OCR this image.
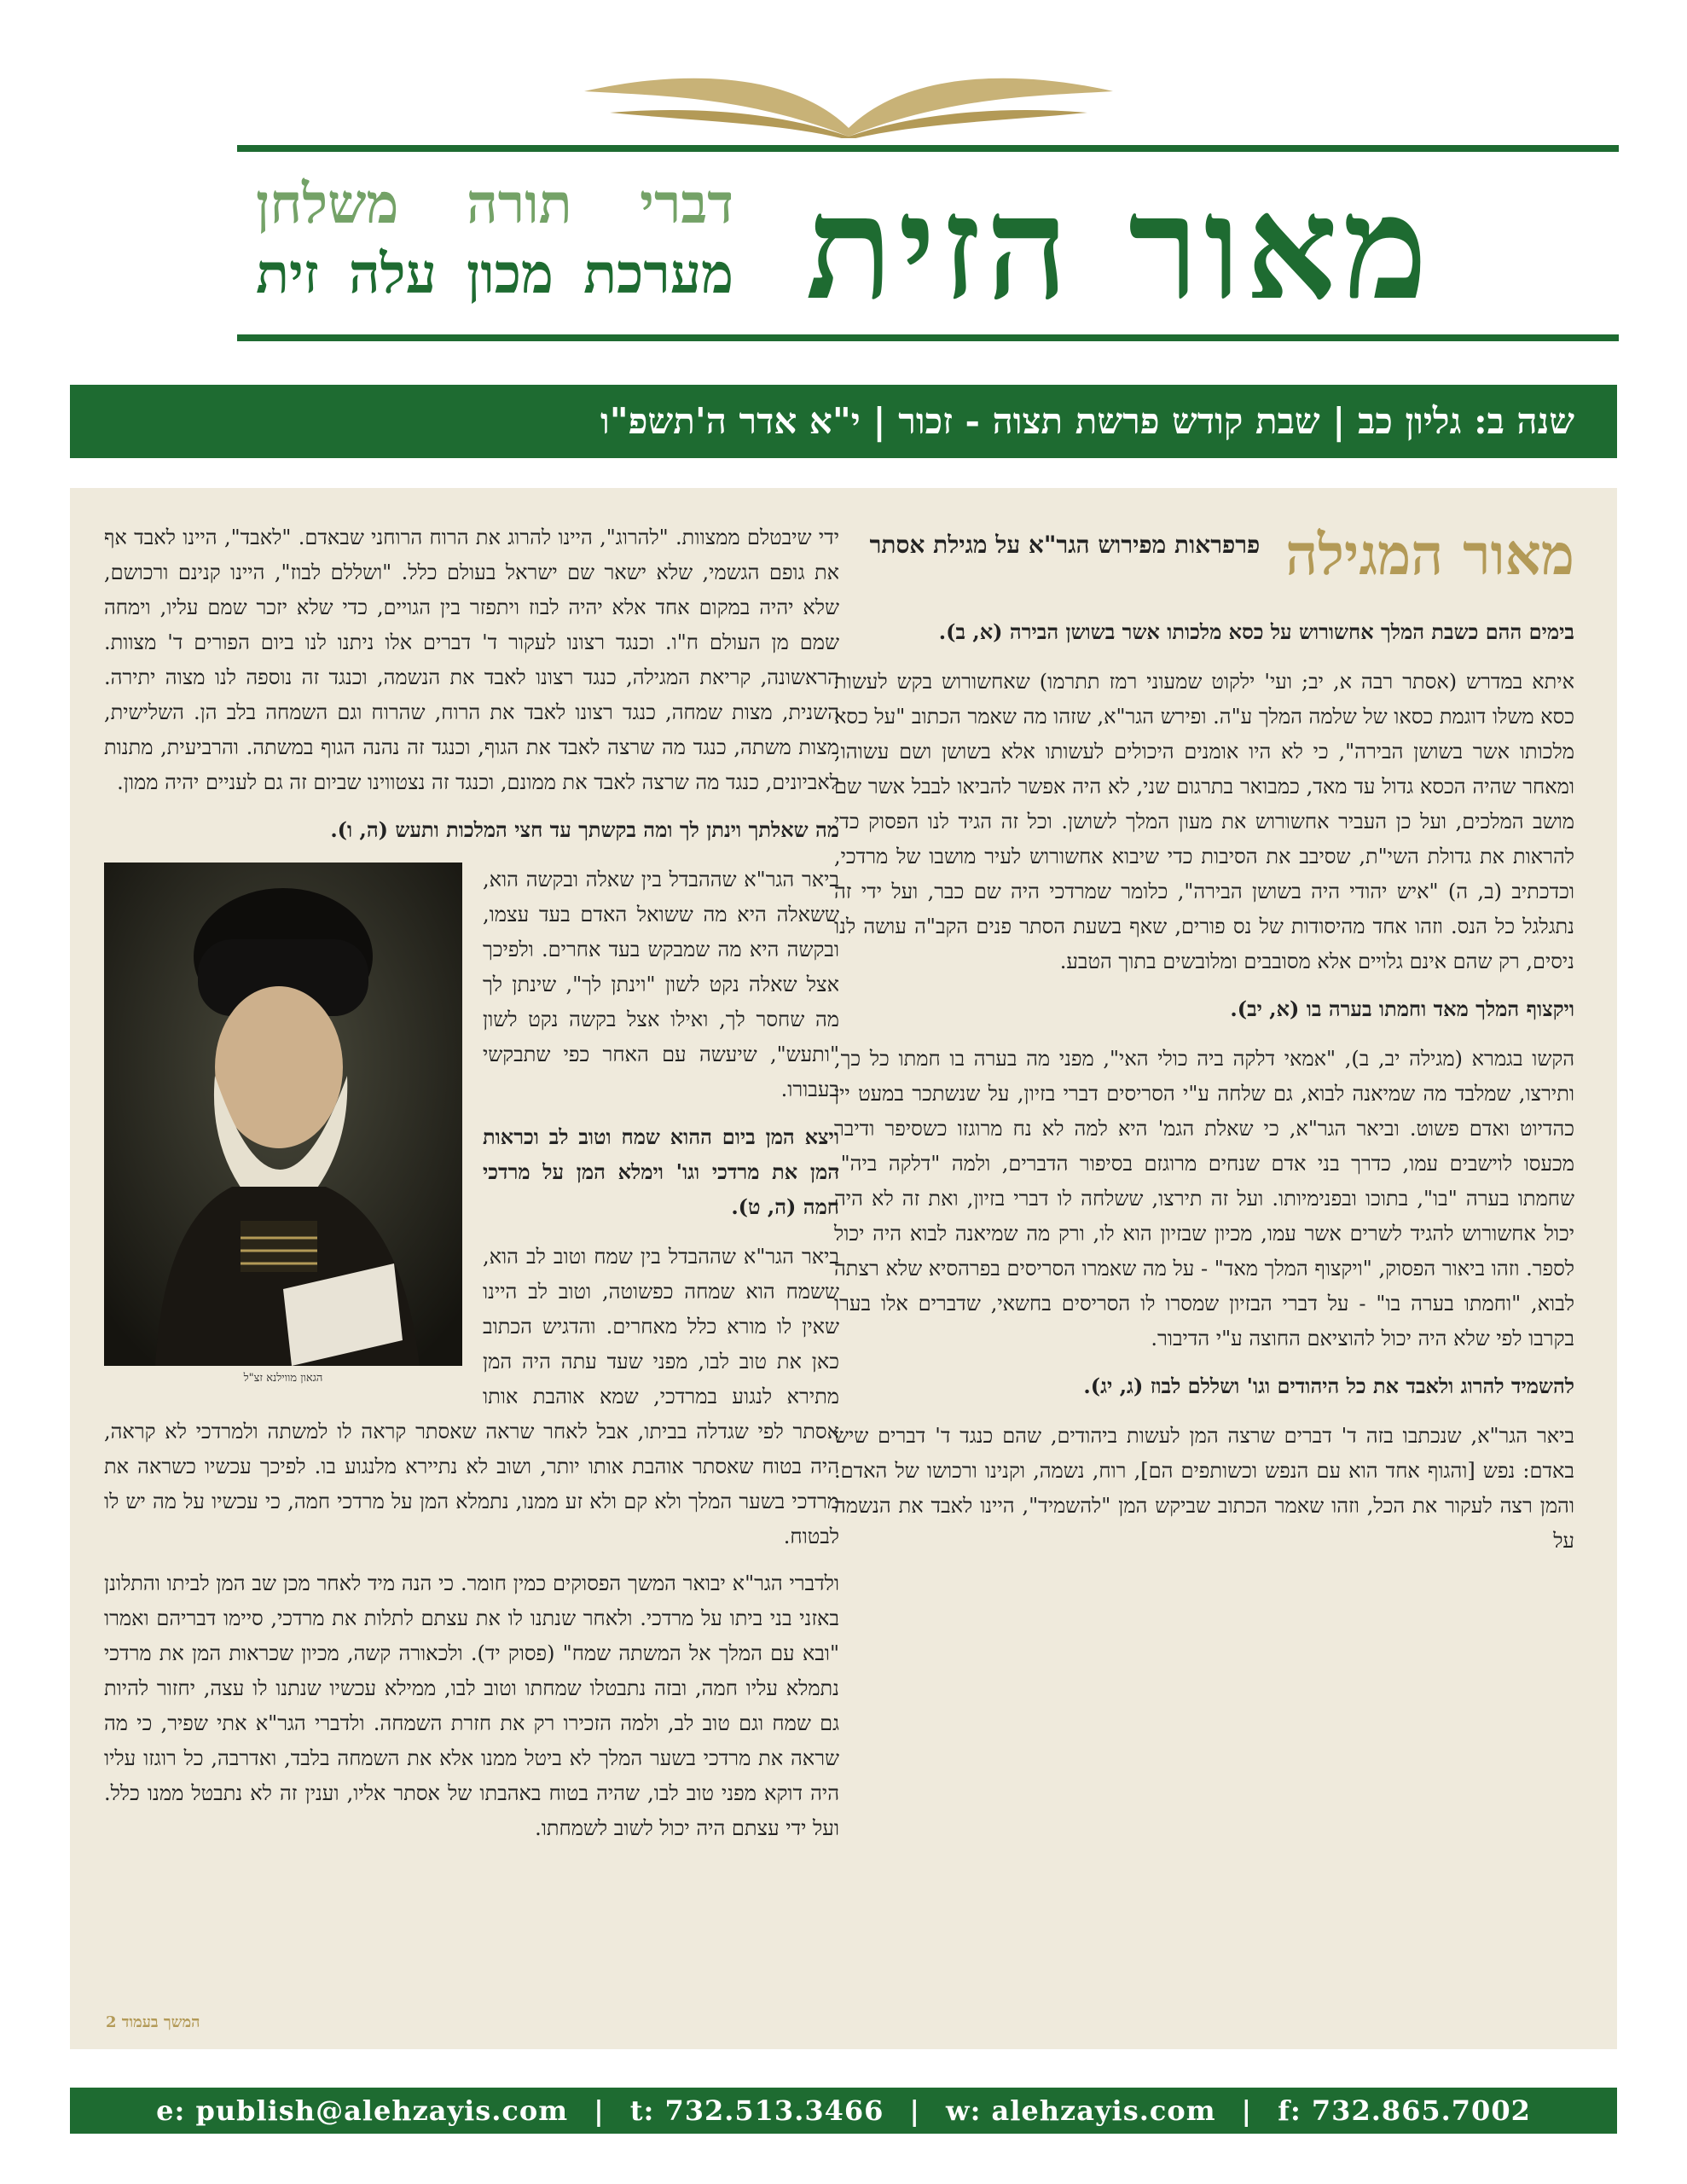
מאור הזית
דברי תורה משלחן
מערכת מכון עלה זית
שנה ב: גליון כב | שבת קודש פרשת תצוה - זכור | י"א אדר ה'תשפ"ו
מאור המגילה
פרפראות מפירוש הגר"א על מגילת אסתר
בימים ההם כשבת המלך אחשורוש על כסא מלכותו אשר בשושן הבירה (א, ב).
איתא במדרש (אסתר רבה א, יב; ועי' ילקוט שמעוני רמז תתרמו) שאחשורוש בקש לעשות כסא משלו דוגמת כסאו של שלמה המלך ע"ה. ופירש הגר"א, שזהו מה שאמר הכתוב "על כסא מלכותו אשר בשושן הבירה", כי לא היו אומנים היכולים לעשותו אלא בשושן ושם עשוהו, ומאחר שהיה הכסא גדול עד מאד, כמבואר בתרגום שני, לא היה אפשר להביאו לבבל אשר שם מושב המלכים, ועל כן העביר אחשורוש את מעון המלך לשושן. וכל זה הגיד לנו הפסוק כדי להראות את גדולת השי"ת, שסיבב את הסיבות כדי שיבוא אחשורוש לעיר מושבו של מרדכי, וכדכתיב (ב, ה) "איש יהודי היה בשושן הבירה", כלומר שמרדכי היה שם כבר, ועל ידי זה נתגלגל כל הנס. וזהו אחד מהיסודות של נס פורים, שאף בשעת הסתר פנים הקב"ה עושה לנו ניסים, רק שהם אינם גלויים אלא מסובבים ומלובשים בתוך הטבע.
ויקצוף המלך מאד וחמתו בערה בו (א, יב).
הקשו בגמרא (מגילה יב, ב), "אמאי דלקה ביה כולי האי", מפני מה בערה בו חמתו כל כך, ותירצו, שמלבד מה שמיאנה לבוא, גם שלחה ע"י הסריסים דברי בזיון, על שנשתכר במעט יין כהדיוט ואדם פשוט. וביאר הגר"א, כי שאלת הגמ' היא למה לא נח מרוגזו כשסיפר ודיבר מכעסו לוישבים עמו, כדרך בני אדם שנחים מרוגזם בסיפור הדברים, ולמה "דלקה ביה", שחמתו בערה "בו", בתוכו ובפנימיותו. ועל זה תירצו, ששלחה לו דברי בזיון, ואת זה לא היה יכול אחשורוש להגיד לשרים אשר עמו, מכיון שבזיון הוא לו, ורק מה שמיאנה לבוא היה יכול לספר. וזהו ביאור הפסוק, "ויקצוף המלך מאד" - על מה שאמרו הסריסים בפרהסיא שלא רצתה לבוא, "וחמתו בערה בו" - על דברי הבזיון שמסרו לו הסריסים בחשאי, שדברים אלו בערו בקרבו לפי שלא היה יכול להוציאם החוצה ע"י הדיבור.
להשמיד להרוג ולאבד את כל היהודים וגו' ושללם לבוז (ג, יג).
ביאר הגר"א, שנכתבו בזה ד' דברים שרצה המן לעשות ביהודים, שהם כנגד ד' דברים שיש באדם: נפש [והגוף אחד הוא עם הנפש וכשותפים הם], רוח, נשמה, וקנינו ורכושו של האדם. והמן רצה לעקור את הכל, וזהו שאמר הכתוב שביקש המן "להשמיד", היינו לאבד את הנשמה על
ידי שיבטלם ממצוות. "להרוג", היינו להרוג את הרוח הרוחני שבאדם. "לאבד", היינו לאבד אף את גופם הגשמי, שלא ישאר שם ישראל בעולם כלל. "ושללם לבוז", היינו קנינם ורכושם, שלא יהיה במקום אחד אלא יהיה לבוז ויתפזר בין הגויים, כדי שלא יזכר שמם עליו, וימחה שמם מן העולם ח"ו. וכנגד רצונו לעקור ד' דברים אלו ניתנו לנו ביום הפורים ד' מצוות. הראשונה, קריאת המגילה, כנגד רצונו לאבד את הנשמה, וכנגד זה נוספה לנו מצוה יתירה. השנית, מצות שמחה, כנגד רצונו לאבד את הרוח, שהרוח וגם השמחה בלב הן. השלישית, מצות משתה, כנגד מה שרצה לאבד את הגוף, וכנגד זה נהנה הגוף במשתה. והרביעית, מתנות לאביונים, כנגד מה שרצה לאבד את ממונם, וכנגד זה נצטווינו שביום זה גם לעניים יהיה ממון.
מה שאלתך וינתן לך ומה בקשתך עד חצי המלכות ותעש (ה, ו).
הגאון מווילנא זצ"ל
ביאר הגר"א שההבדל בין שאלה ובקשה הוא, ששאלה היא מה ששואל האדם בעד עצמו, ובקשה היא מה שמבקש בעד אחרים. ולפיכך אצל שאלה נקט לשון "וינתן לך", שינתן לך מה שחסר לך, ואילו אצל בקשה נקט לשון "ותעש", שיעשה עם האחר כפי שתבקשי בעבורו.
ויצא המן ביום ההוא שמח וטוב לב וכראות המן את מרדכי וגו' וימלא המן על מרדכי חמה (ה, ט).
ביאר הגר"א שההבדל בין שמח וטוב לב הוא, ששמח הוא שמחה כפשוטה, וטוב לב היינו שאין לו מורא כלל מאחרים. והדגיש הכתוב כאן את טוב לבו, מפני שעד עתה היה המן מתירא לנגוע במרדכי, שמא אוהבת אותו אסתר לפי שגדלה בביתו, אבל לאחר שראה שאסתר קראה לו למשתה ולמרדכי לא קראה, היה בטוח שאסתר אוהבת אותו יותר, ושוב לא נתיירא מלנגוע בו. לפיכך עכשיו כשראה את מרדכי בשער המלך ולא קם ולא זע ממנו, נתמלא המן על מרדכי חמה, כי עכשיו על מה יש לו לבטוח.
ולדברי הגר"א יבואר המשך הפסוקים כמין חומר. כי הנה מיד לאחר מכן שב המן לביתו והתלונן באזני בני ביתו על מרדכי. ולאחר שנתנו לו את עצתם לתלות את מרדכי, סיימו דבריהם ואמרו "ובא עם המלך אל המשתה שמח" (פסוק יד). ולכאורה קשה, מכיון שכראות המן את מרדכי נתמלא עליו חמה, ובזה נתבטלו שמחתו וטוב לבו, ממילא עכשיו שנתנו לו עצה, יחזור להיות גם שמח וגם טוב לב, ולמה הזכירו רק את חזרת השמחה. ולדברי הגר"א אתי שפיר, כי מה שראה את מרדכי בשער המלך לא ביטל ממנו אלא את השמחה בלבד, ואדרבה, כל רוגזו עליו היה דוקא מפני טוב לבו, שהיה בטוח באהבתו של אסתר אליו, וענין זה לא נתבטל ממנו כלל. ועל ידי עצתם היה יכול לשוב לשמחתו.
המשך בעמוד 2
e: publish@alehzayis.com | t: 732.513.3466 | w: alehzayis.com | f: 732.865.7002
